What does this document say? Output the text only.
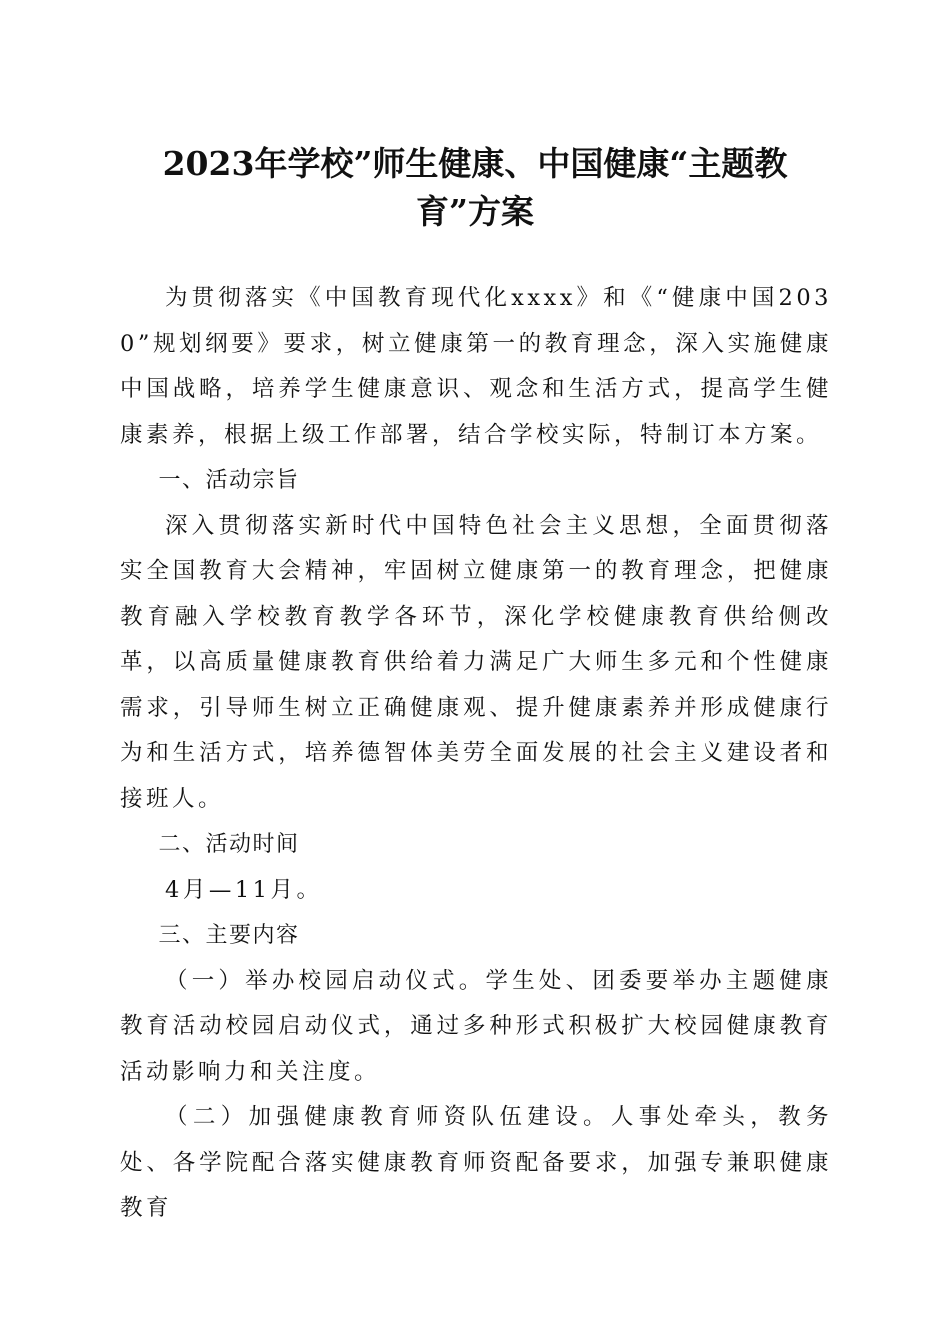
2023年学校”师生健康、中国健康“主题教
育”方案

为贯彻落实《中国教育现代化xxxx》和《“健康中国2030”规划纲要》要求，树立健康第一的教育理念，深入实施健康中国战略，培养学生健康意识、观念和生活方式，提高学生健康素养，根据上级工作部署，结合学校实际，特制订本方案。

一、活动宗旨

深入贯彻落实新时代中国特色社会主义思想，全面贯彻落实全国教育大会精神，牢固树立健康第一的教育理念，把健康教育融入学校教育教学各环节，深化学校健康教育供给侧改革，以高质量健康教育供给着力满足广大师生多元和个性健康需求，引导师生树立正确健康观、提升健康素养并形成健康行为和生活方式，培养德智体美劳全面发展的社会主义建设者和接班人。

二、活动时间

4月—11月。

三、主要内容

（一）举办校园启动仪式。学生处、团委要举办主题健康教育活动校园启动仪式，通过多种形式积极扩大校园健康教育活动影响力和关注度。

（二）加强健康教育师资队伍建设。人事处牵头，教务处、各学院配合落实健康教育师资配备要求，加强专兼职健康教育
